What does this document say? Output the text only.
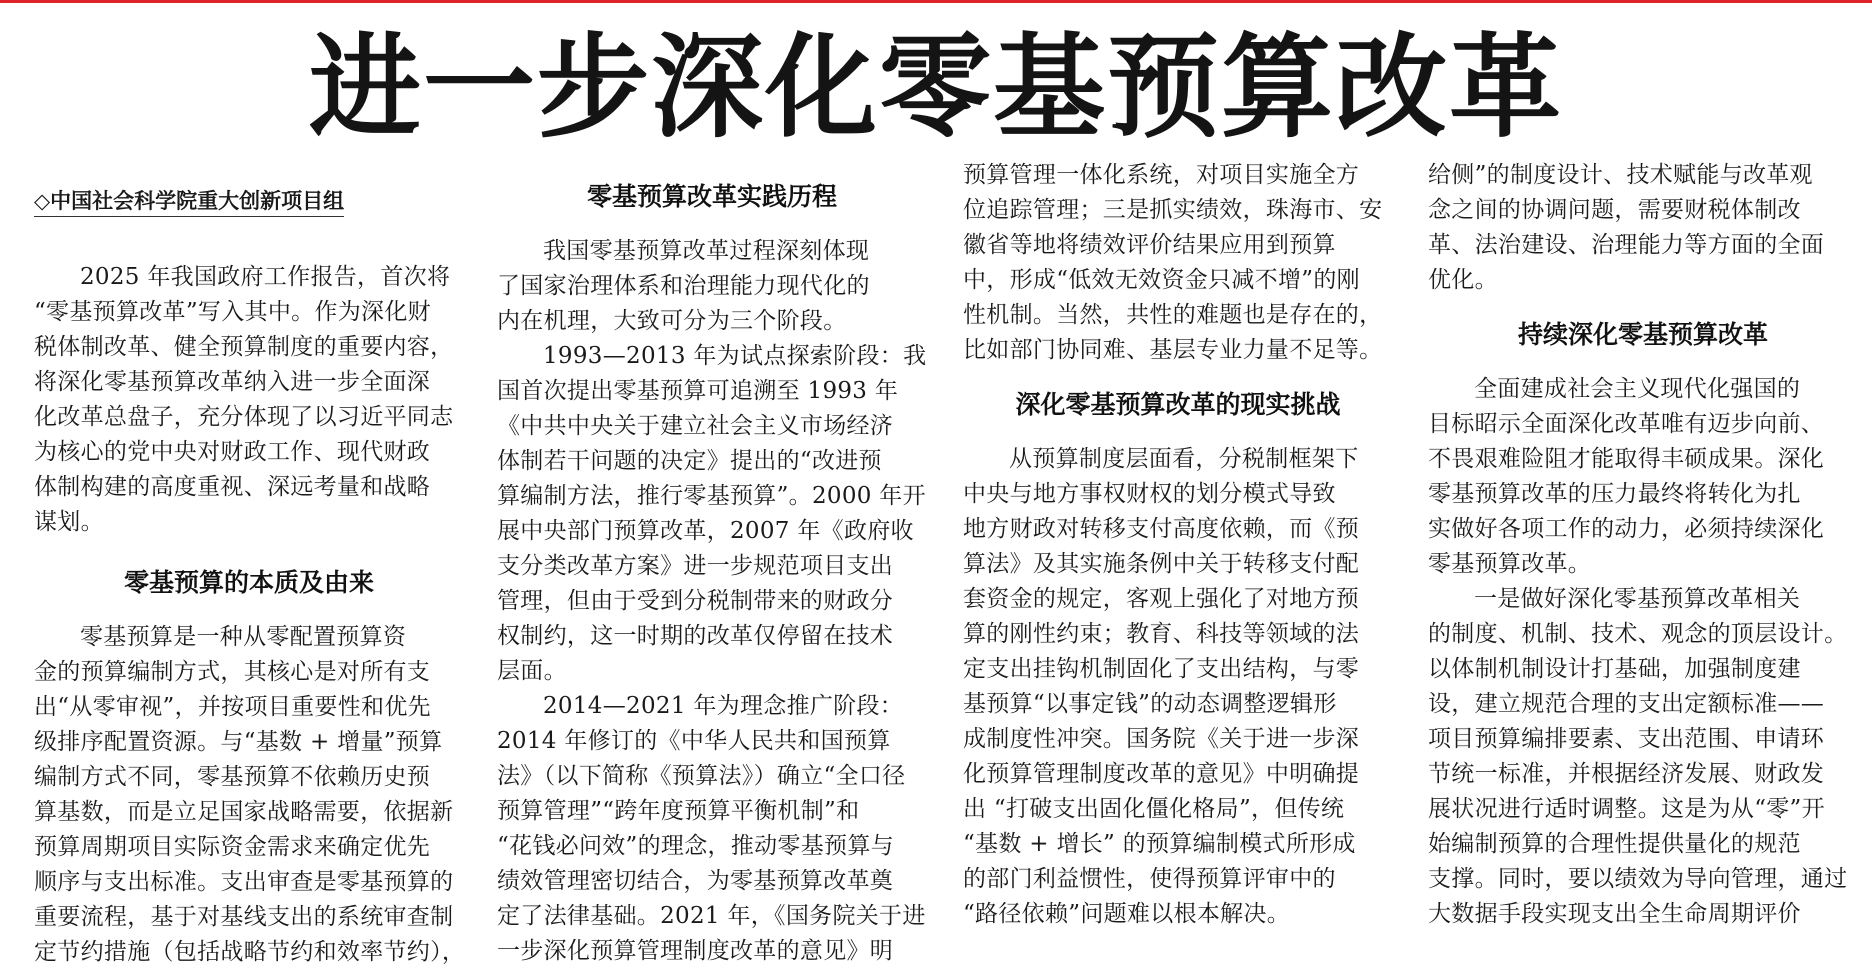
进一步深化零基预算改革

◇中国社会科学院重大创新项目组

2025 年我国政府工作报告，首次将

“零基预算改革”写入其中。作为深化财

税体制改革、健全预算制度的重要内容，

将深化零基预算改革纳入进一步全面深

化改革总盘子，充分体现了以习近平同志

为核心的党中央对财政工作、现代财政

体制构建的高度重视、深远考量和战略

谋划。

零基预算的本质及由来

零基预算是一种从零配置预算资

金的预算编制方式，其核心是对所有支

出“从零审视”，并按项目重要性和优先

级排序配置资源。与“基数 + 增量”预算

编制方式不同，零基预算不依赖历史预

算基数，而是立足国家战略需要，依据新

预算周期项目实际资金需求来确定优先

顺序与支出标准。支出审查是零基预算的

重要流程，基于对基线支出的系统审查制

定节约措施（包括战略节约和效率节约），

零基预算改革实践历程

我国零基预算改革过程深刻体现

了国家治理体系和治理能力现代化的

内在机理，大致可分为三个阶段。

1993—2013 年为试点探索阶段：我

国首次提出零基预算可追溯至 1993 年

《中共中央关于建立社会主义市场经济

体制若干问题的决定》提出的“改进预

算编制方法，推行零基预算”。2000 年开

展中央部门预算改革，2007 年《政府收

支分类改革方案》进一步规范项目支出

管理，但由于受到分税制带来的财政分

权制约，这一时期的改革仅停留在技术

层面。

2014—2021 年为理念推广阶段：

2014 年修订的《中华人民共和国预算

法》（以下简称《预算法》）确立“全口径

预算管理”“跨年度预算平衡机制”和

“花钱必问效”的理念，推动零基预算与

绩效管理密切结合，为零基预算改革奠

定了法律基础。2021 年，《国务院关于进

一步深化预算管理制度改革的意见》明

预算管理一体化系统，对项目实施全方

位追踪管理；三是抓实绩效，珠海市、安

徽省等地将绩效评价结果应用到预算

中，形成“低效无效资金只减不增”的刚

性机制。当然，共性的难题也是存在的，

比如部门协同难、基层专业力量不足等。

深化零基预算改革的现实挑战

从预算制度层面看，分税制框架下

中央与地方事权财权的划分模式导致

地方财政对转移支付高度依赖，而《预

算法》及其实施条例中关于转移支付配

套资金的规定，客观上强化了对地方预

算的刚性约束；教育、科技等领域的法

定支出挂钩机制固化了支出结构，与零

基预算“以事定钱”的动态调整逻辑形

成制度性冲突。国务院《关于进一步深

化预算管理制度改革的意见》中明确提

出 “打破支出固化僵化格局”，但传统

“基数 + 增长” 的预算编制模式所形成

的部门利益惯性，使得预算评审中的

“路径依赖”问题难以根本解决。

给侧”的制度设计、技术赋能与改革观

念之间的协调问题，需要财税体制改

革、法治建设、治理能力等方面的全面

优化。

持续深化零基预算改革

全面建成社会主义现代化强国的

目标昭示全面深化改革唯有迈步向前、

不畏艰难险阻才能取得丰硕成果。深化

零基预算改革的压力最终将转化为扎

实做好各项工作的动力，必须持续深化

零基预算改革。

一是做好深化零基预算改革相关

的制度、机制、技术、观念的顶层设计。

以体制机制设计打基础，加强制度建

设，建立规范合理的支出定额标准——

项目预算编排要素、支出范围、申请环

节统一标准，并根据经济发展、财政发

展状况进行适时调整。这是为从“零”开

始编制预算的合理性提供量化的规范

支撑。同时，要以绩效为导向管理，通过

大数据手段实现支出全生命周期评价
